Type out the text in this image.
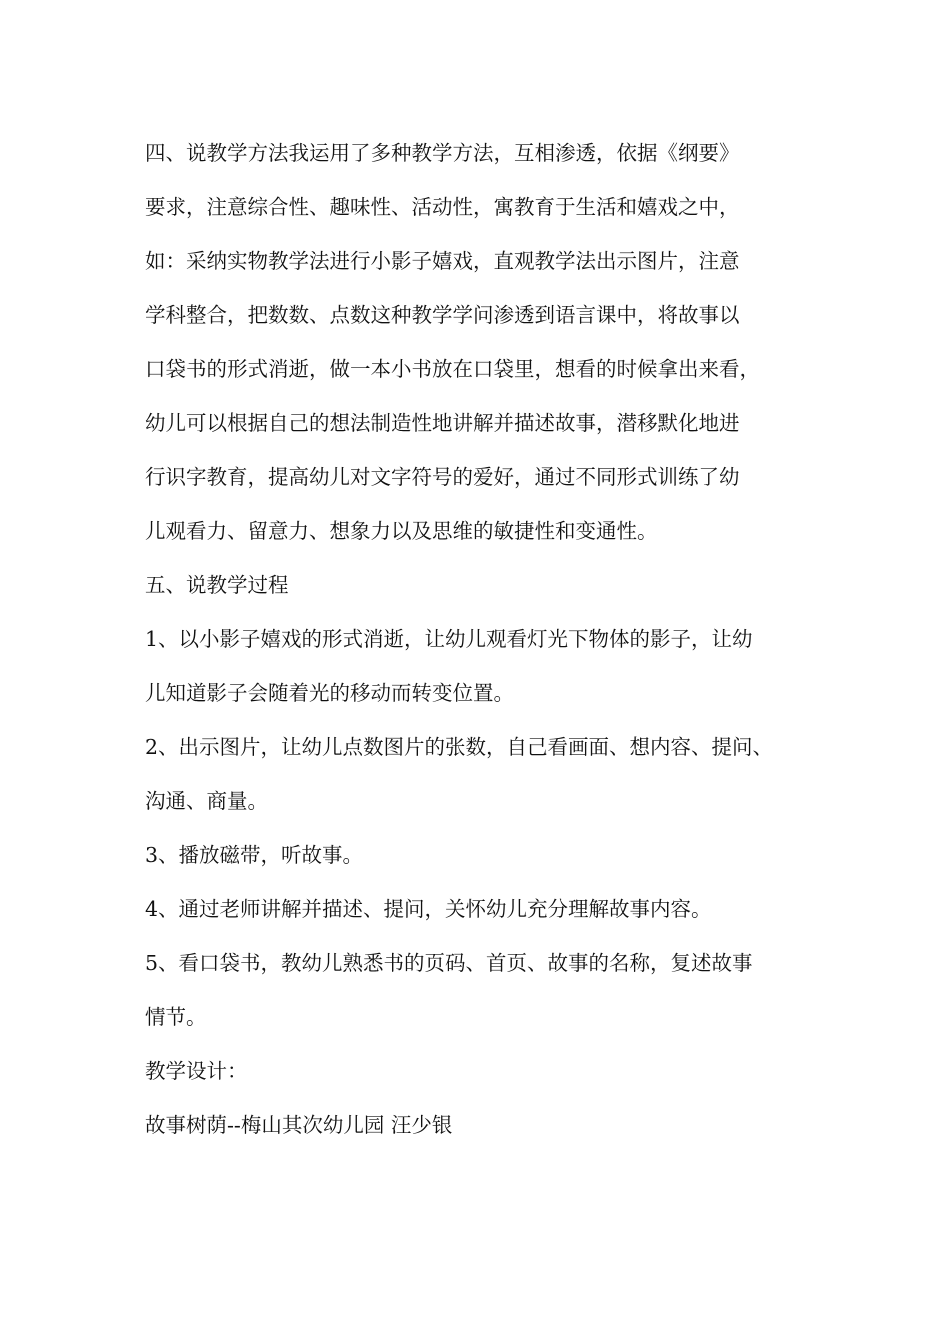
四、说教学方法我运用了多种教学方法，互相渗透，依据《纲要》
要求，注意综合性、趣味性、活动性，寓教育于生活和嬉戏之中，
如：采纳实物教学法进行小影子嬉戏，直观教学法出示图片，注意
学科整合，把数数、点数这种教学学问渗透到语言课中，将故事以
口袋书的形式消逝，做一本小书放在口袋里，想看的时候拿出来看，
幼儿可以根据自己的想法制造性地讲解并描述故事，潜移默化地进
行识字教育，提高幼儿对文字符号的爱好，通过不同形式训练了幼
儿观看力、留意力、想象力以及思维的敏捷性和变通性。
五、说教学过程
1、以小影子嬉戏的形式消逝，让幼儿观看灯光下物体的影子，让幼
儿知道影子会随着光的移动而转变位置。
2、出示图片，让幼儿点数图片的张数，自己看画面、想内容、提问、
沟通、商量。
3、播放磁带，听故事。
4、通过老师讲解并描述、提问，关怀幼儿充分理解故事内容。
5、看口袋书，教幼儿熟悉书的页码、首页、故事的名称，复述故事
情节。
教学设计：
故事树荫--梅山其次幼儿园 汪少银
